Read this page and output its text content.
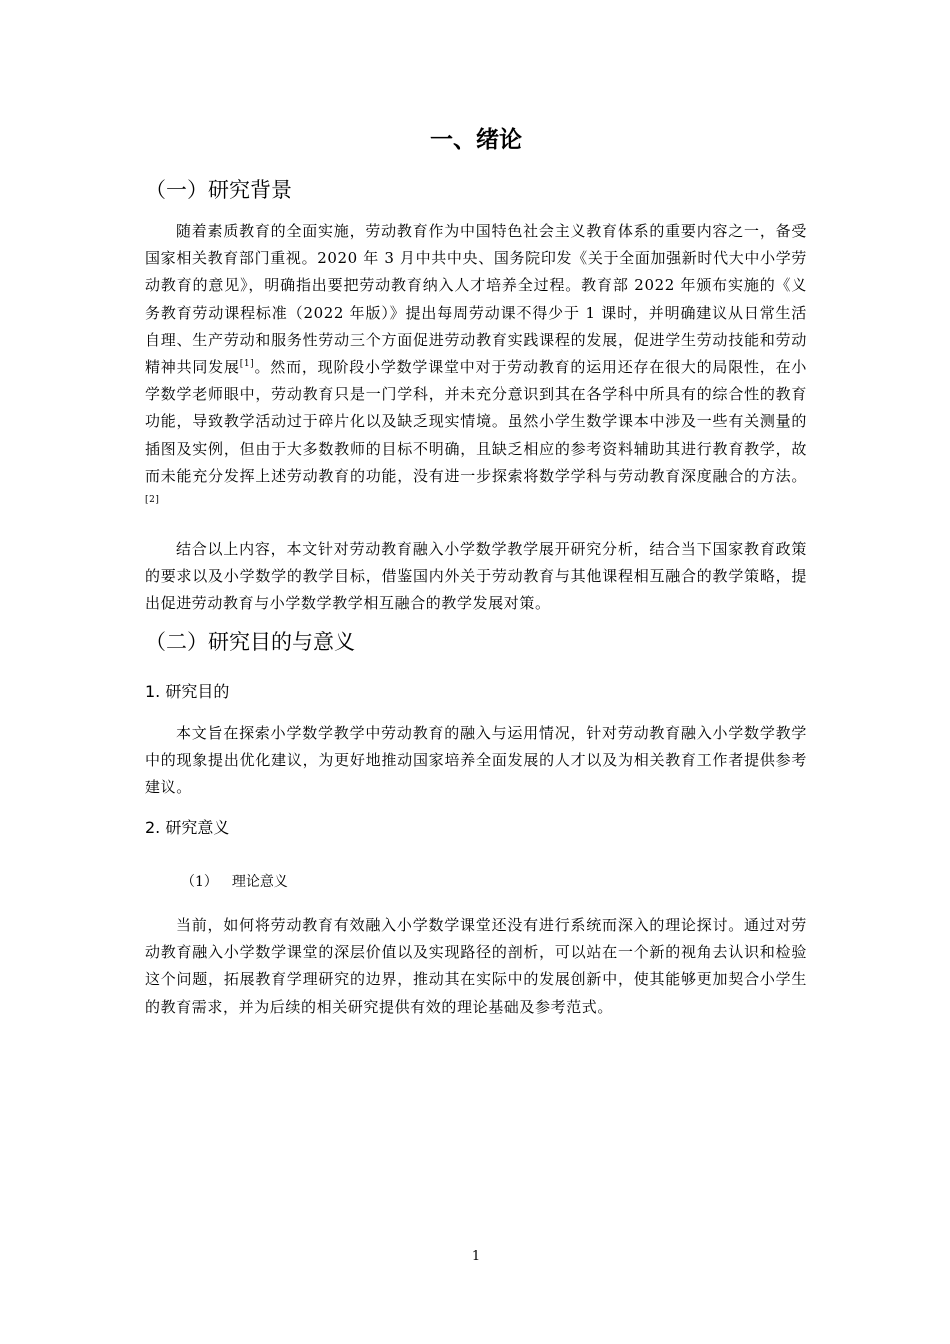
一、绪论
（一）研究背景

随着素质教育的全面实施，劳动教育作为中国特色社会主义教育体系的重要内容之一，备受国家相关教育部门重视。2020 年 3 月中共中央、国务院印发《关于全面加强新时代大中小学劳动教育的意见》，明确指出要把劳动教育纳入人才培养全过程。教育部 2022 年颁布实施的《义务教育劳动课程标准（2022 年版）》提出每周劳动课不得少于 1 课时，并明确建议从日常生活自理、生产劳动和服务性劳动三个方面促进劳动教育实践课程的发展，促进学生劳动技能和劳动精神共同发展[1]。然而，现阶段小学数学课堂中对于劳动教育的运用还存在很大的局限性，在小学数学老师眼中，劳动教育只是一门学科，并未充分意识到其在各学科中所具有的综合性的教育功能，导致教学活动过于碎片化以及缺乏现实情境。虽然小学生数学课本中涉及一些有关测量的插图及实例，但由于大多数教师的目标不明确，且缺乏相应的参考资料辅助其进行教育教学，故而未能充分发挥上述劳动教育的功能，没有进一步探索将数学学科与劳动教育深度融合的方法。[2]

结合以上内容，本文针对劳动教育融入小学数学教学展开研究分析，结合当下国家教育政策的要求以及小学数学的教学目标，借鉴国内外关于劳动教育与其他课程相互融合的教学策略，提出促进劳动教育与小学数学教学相互融合的教学发展对策。

（二）研究目的与意义
1. 研究目的

本文旨在探索小学数学教学中劳动教育的融入与运用情况，针对劳动教育融入小学数学教学中的现象提出优化建议，为更好地推动国家培养全面发展的人才以及为相关教育工作者提供参考建议。

2. 研究意义

（1） 理论意义

当前，如何将劳动教育有效融入小学数学课堂还没有进行系统而深入的理论探讨。通过对劳动教育融入小学数学课堂的深层价值以及实现路径的剖析，可以站在一个新的视角去认识和检验这个问题，拓展教育学理研究的边界，推动其在实际中的发展创新中，使其能够更加契合小学生的教育需求，并为后续的相关研究提供有效的理论基础及参考范式。

1
